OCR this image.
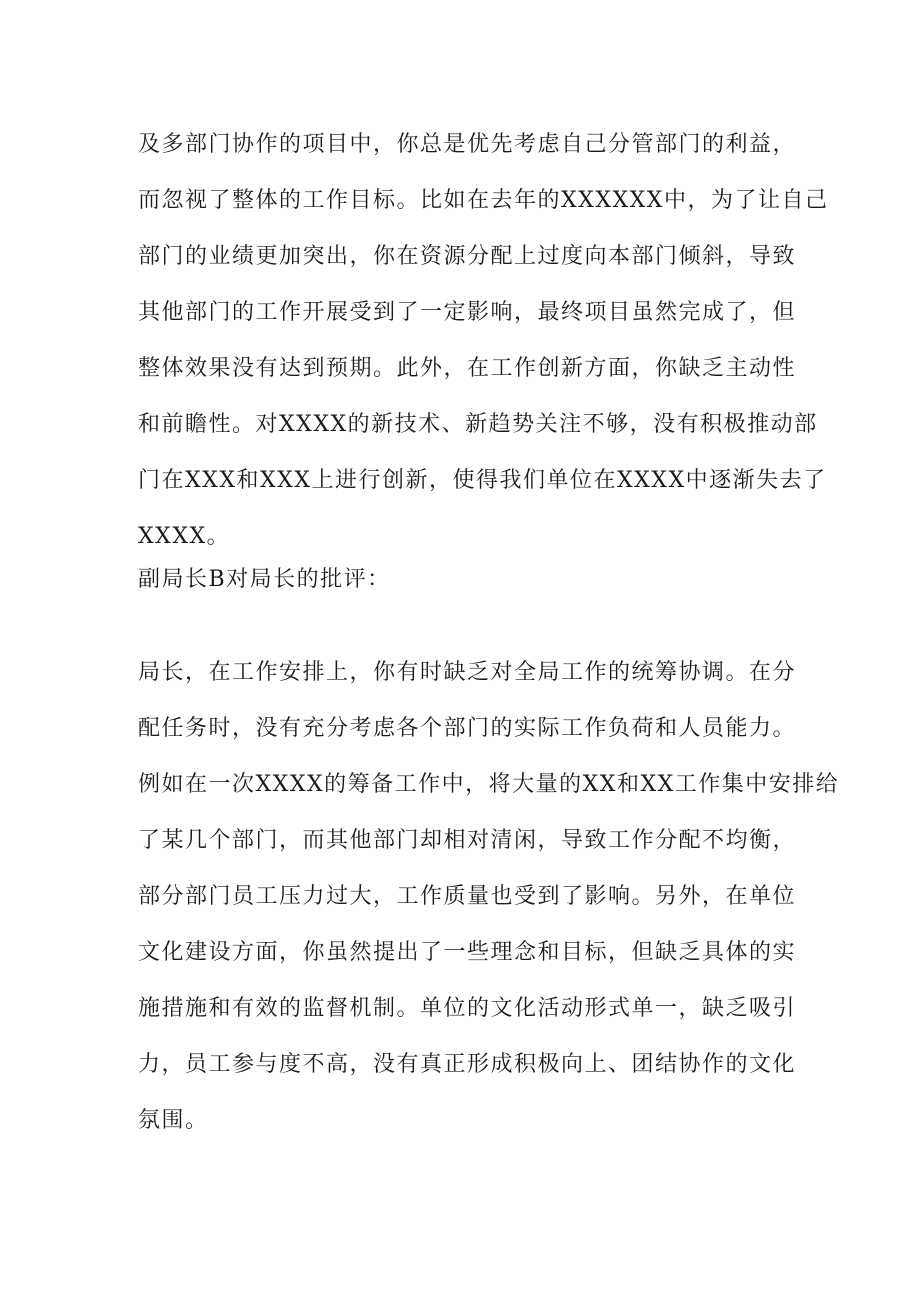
及多部门协作的项目中，你总是优先考虑自己分管部门的利益，
而忽视了整体的工作目标。比如在去年的XXXXXX中，为了让自己
部门的业绩更加突出，你在资源分配上过度向本部门倾斜，导致
其他部门的工作开展受到了一定影响，最终项目虽然完成了，但
整体效果没有达到预期。此外，在工作创新方面，你缺乏主动性
和前瞻性。对XXXX的新技术、新趋势关注不够，没有积极推动部
门在XXX和XXX上进行创新，使得我们单位在XXXX中逐渐失去了
XXXX。
副局长B对局长的批评：
局长，在工作安排上，你有时缺乏对全局工作的统筹协调。在分
配任务时，没有充分考虑各个部门的实际工作负荷和人员能力。
例如在一次XXXX的筹备工作中，将大量的XX和XX工作集中安排给
了某几个部门，而其他部门却相对清闲，导致工作分配不均衡，
部分部门员工压力过大，工作质量也受到了影响。另外，在单位
文化建设方面，你虽然提出了一些理念和目标，但缺乏具体的实
施措施和有效的监督机制。单位的文化活动形式单一，缺乏吸引
力，员工参与度不高，没有真正形成积极向上、团结协作的文化
氛围。
